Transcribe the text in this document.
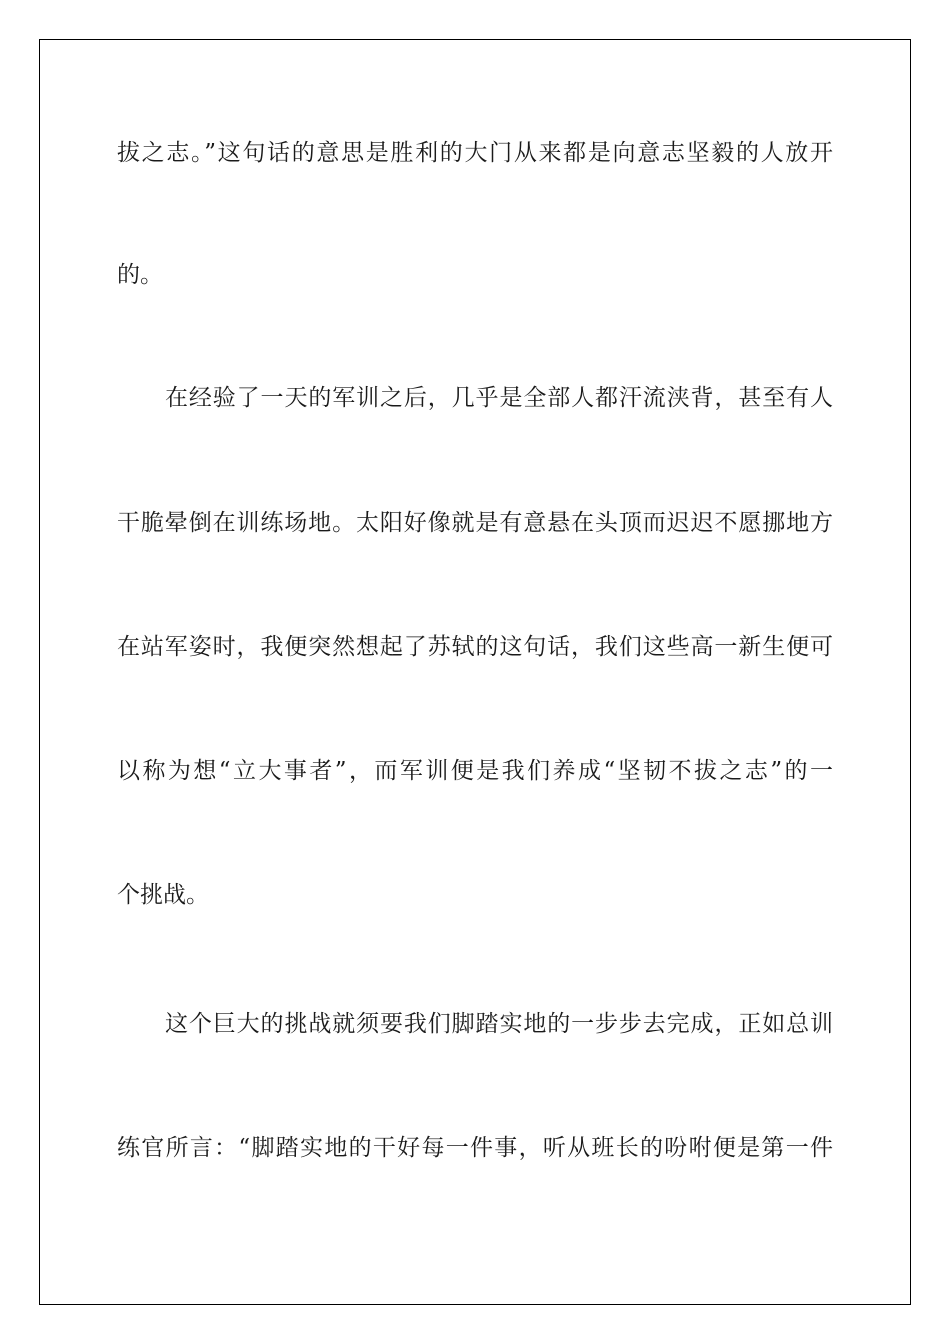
拔之志。”这句话的意思是胜利的大门从来都是向意志坚毅的人放开
的。
在经验了一天的军训之后，几乎是全部人都汗流浃背，甚至有人
干脆晕倒在训练场地。太阳好像就是有意悬在头顶而迟迟不愿挪地方
在站军姿时，我便突然想起了苏轼的这句话，我们这些高一新生便可
以称为想“立大事者”，而军训便是我们养成“坚韧不拔之志”的一
个挑战。
这个巨大的挑战就须要我们脚踏实地的一步步去完成，正如总训
练官所言：“脚踏实地的干好每一件事，听从班长的吩咐便是第一件
